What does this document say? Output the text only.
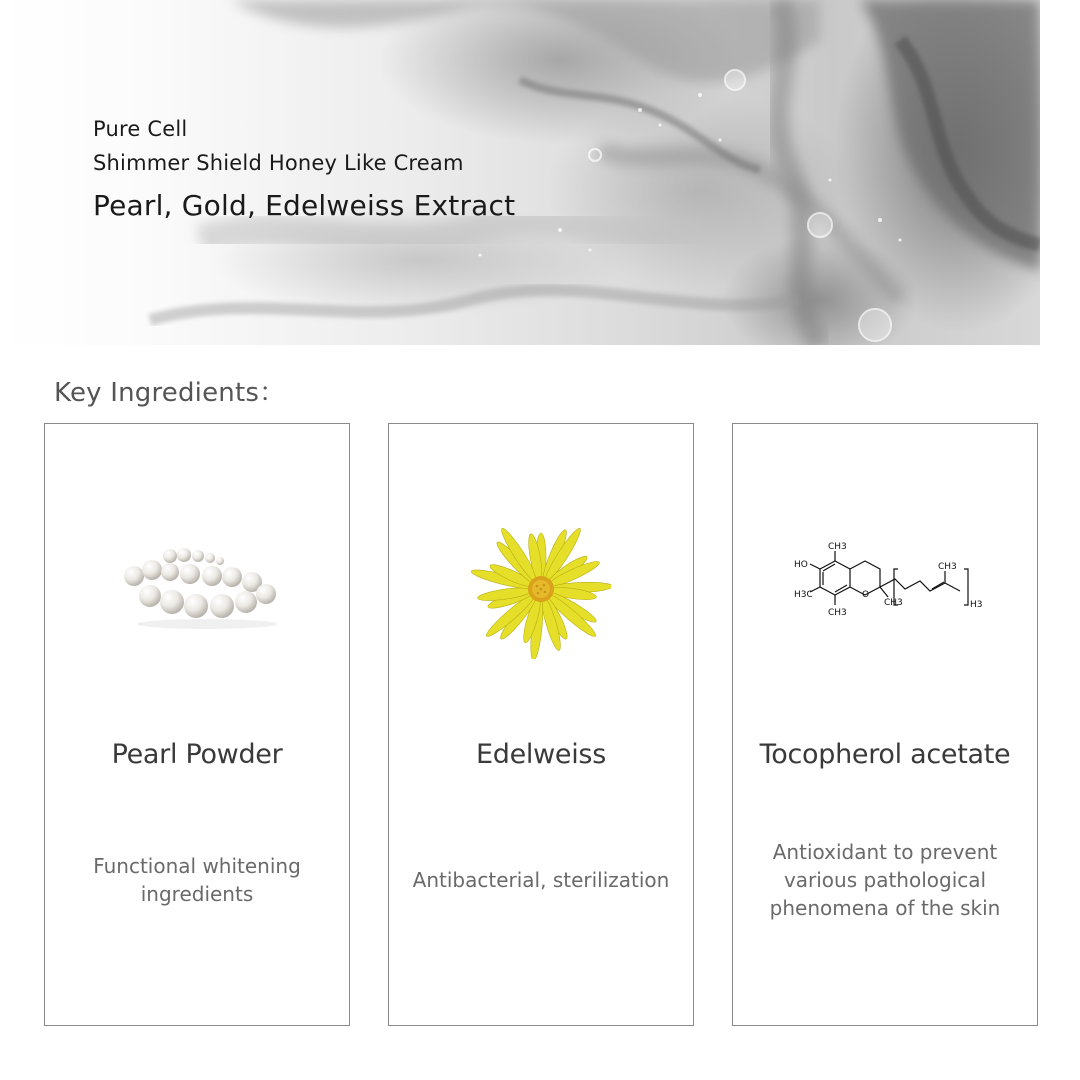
Pure Cell
Shimmer Shield Honey Like Cream
Pearl, Gold, Edelweiss Extract
Key Ingredients：
Pearl Powder
Functional whitening ingredients
Edelweiss
Antibacterial, sterilization
CH3
HO
H3C
CH3
O
CH3
CH3
H3
Tocopherol acetate
Antioxidant to prevent various pathological phenomena of the skin
